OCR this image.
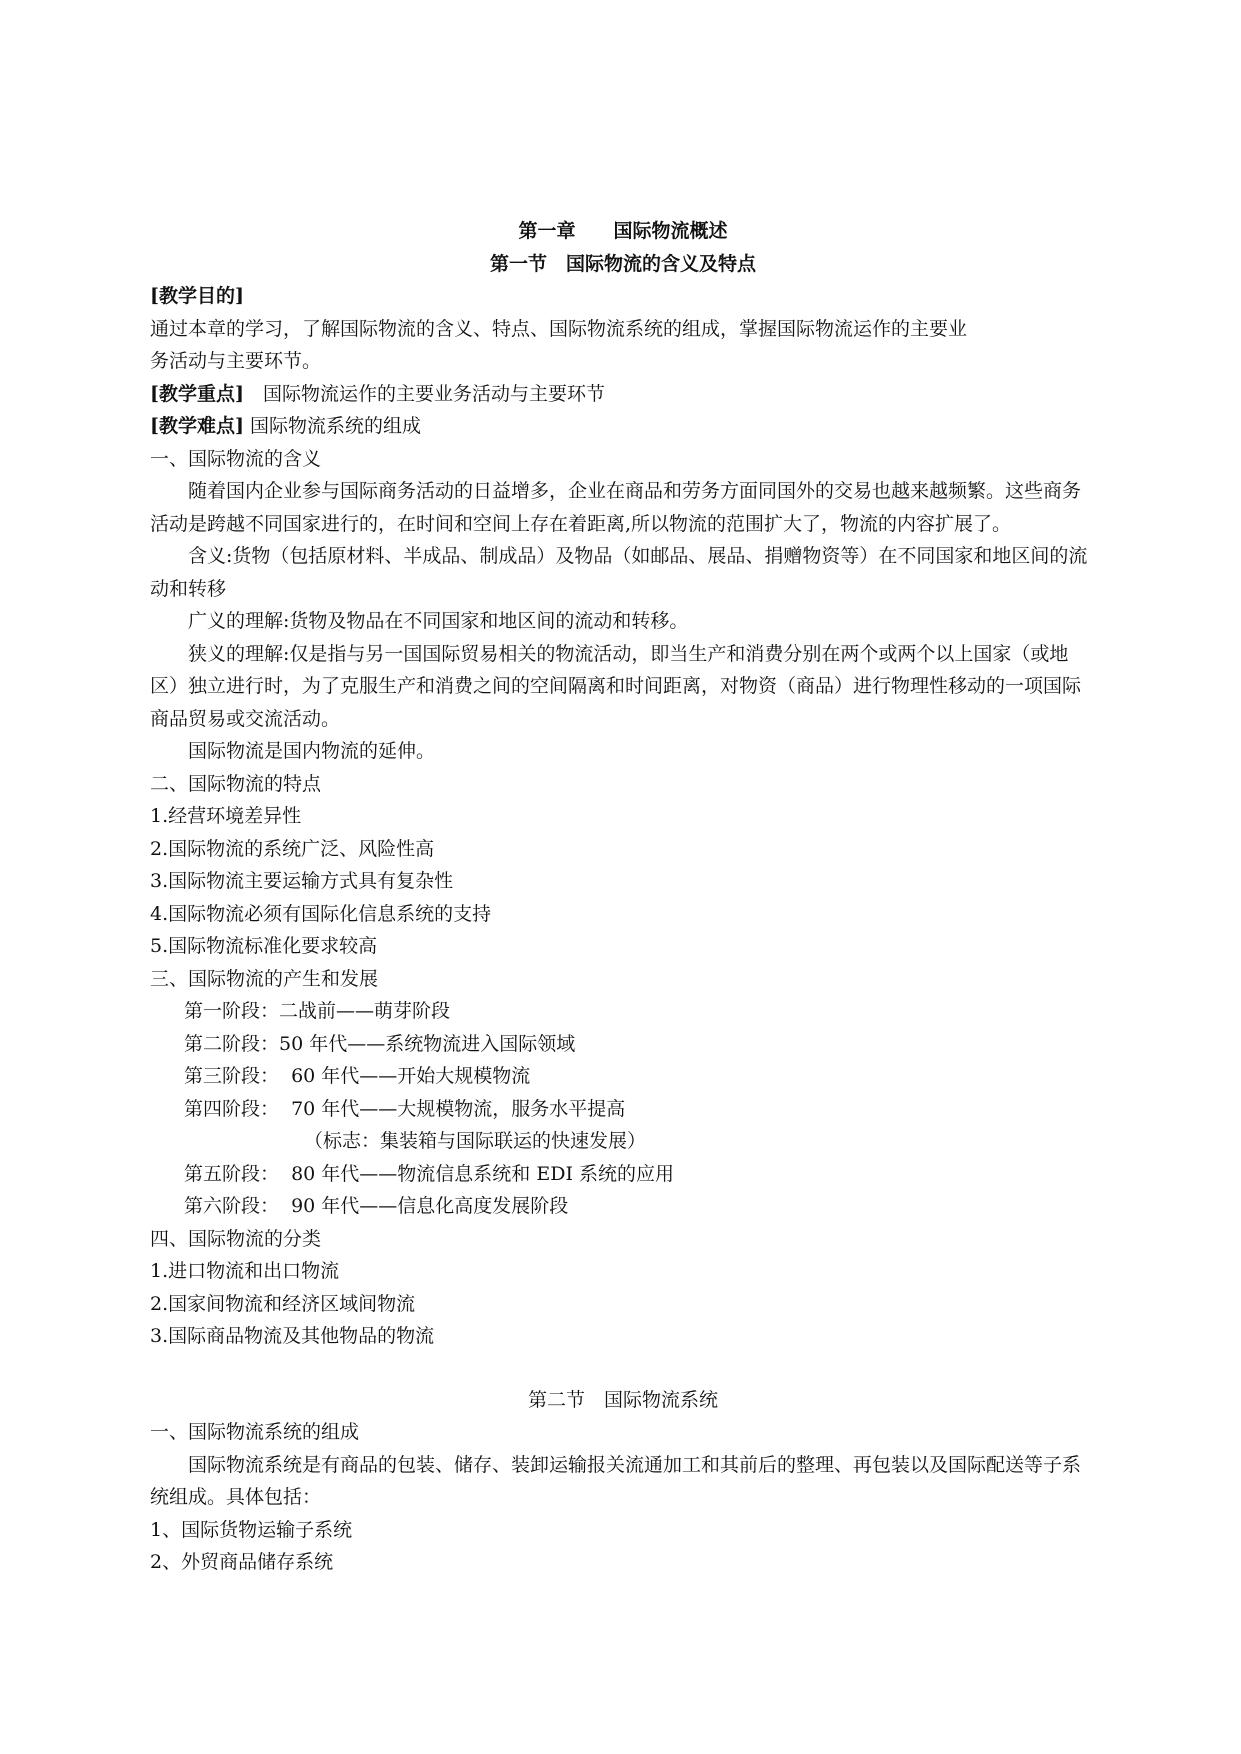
第一章　　国际物流概述

第一节　国际物流的含义及特点

[教学目的]

通过本章的学习，了解国际物流的含义、特点、国际物流系统的组成，掌握国际物流运作的主要业
务活动与主要环节。

[教学重点]　国际物流运作的主要业务活动与主要环节

[教学难点] 国际物流系统的组成

一、国际物流的含义

随着国内企业参与国际商务活动的日益增多，企业在商品和劳务方面同国外的交易也越来越频繁。这些商务活动是跨越不同国家进行的，在时间和空间上存在着距离,所以物流的范围扩大了，物流的内容扩展了。

含义:货物（包括原材料、半成品、制成品）及物品（如邮品、展品、捐赠物资等）在不同国家和地区间的流动和转移

广义的理解:货物及物品在不同国家和地区间的流动和转移。

狭义的理解:仅是指与另一国国际贸易相关的物流活动，即当生产和消费分别在两个或两个以上国家（或地区）独立进行时，为了克服生产和消费之间的空间隔离和时间距离，对物资（商品）进行物理性移动的一项国际商品贸易或交流活动。

国际物流是国内物流的延伸。

二、国际物流的特点

1.经营环境差异性

2.国际物流的系统广泛、风险性高

3.国际物流主要运输方式具有复杂性

4.国际物流必须有国际化信息系统的支持

5.国际物流标准化要求较高

三、国际物流的产生和发展

第一阶段：二战前——萌芽阶段

第二阶段：50 年代——系统物流进入国际领域

第三阶段：  60 年代——开始大规模物流

第四阶段：  70 年代——大规模物流，服务水平提高

（标志：集装箱与国际联运的快速发展）

第五阶段：  80 年代——物流信息系统和 EDI 系统的应用

第六阶段：  90 年代——信息化高度发展阶段

四、国际物流的分类

1.进口物流和出口物流

2.国家间物流和经济区域间物流

3.国际商品物流及其他物品的物流

第二节　国际物流系统

一、国际物流系统的组成

国际物流系统是有商品的包装、储存、装卸运输报关流通加工和其前后的整理、再包装以及国际配送等子系统组成。具体包括：

1、国际货物运输子系统

2、外贸商品储存系统
